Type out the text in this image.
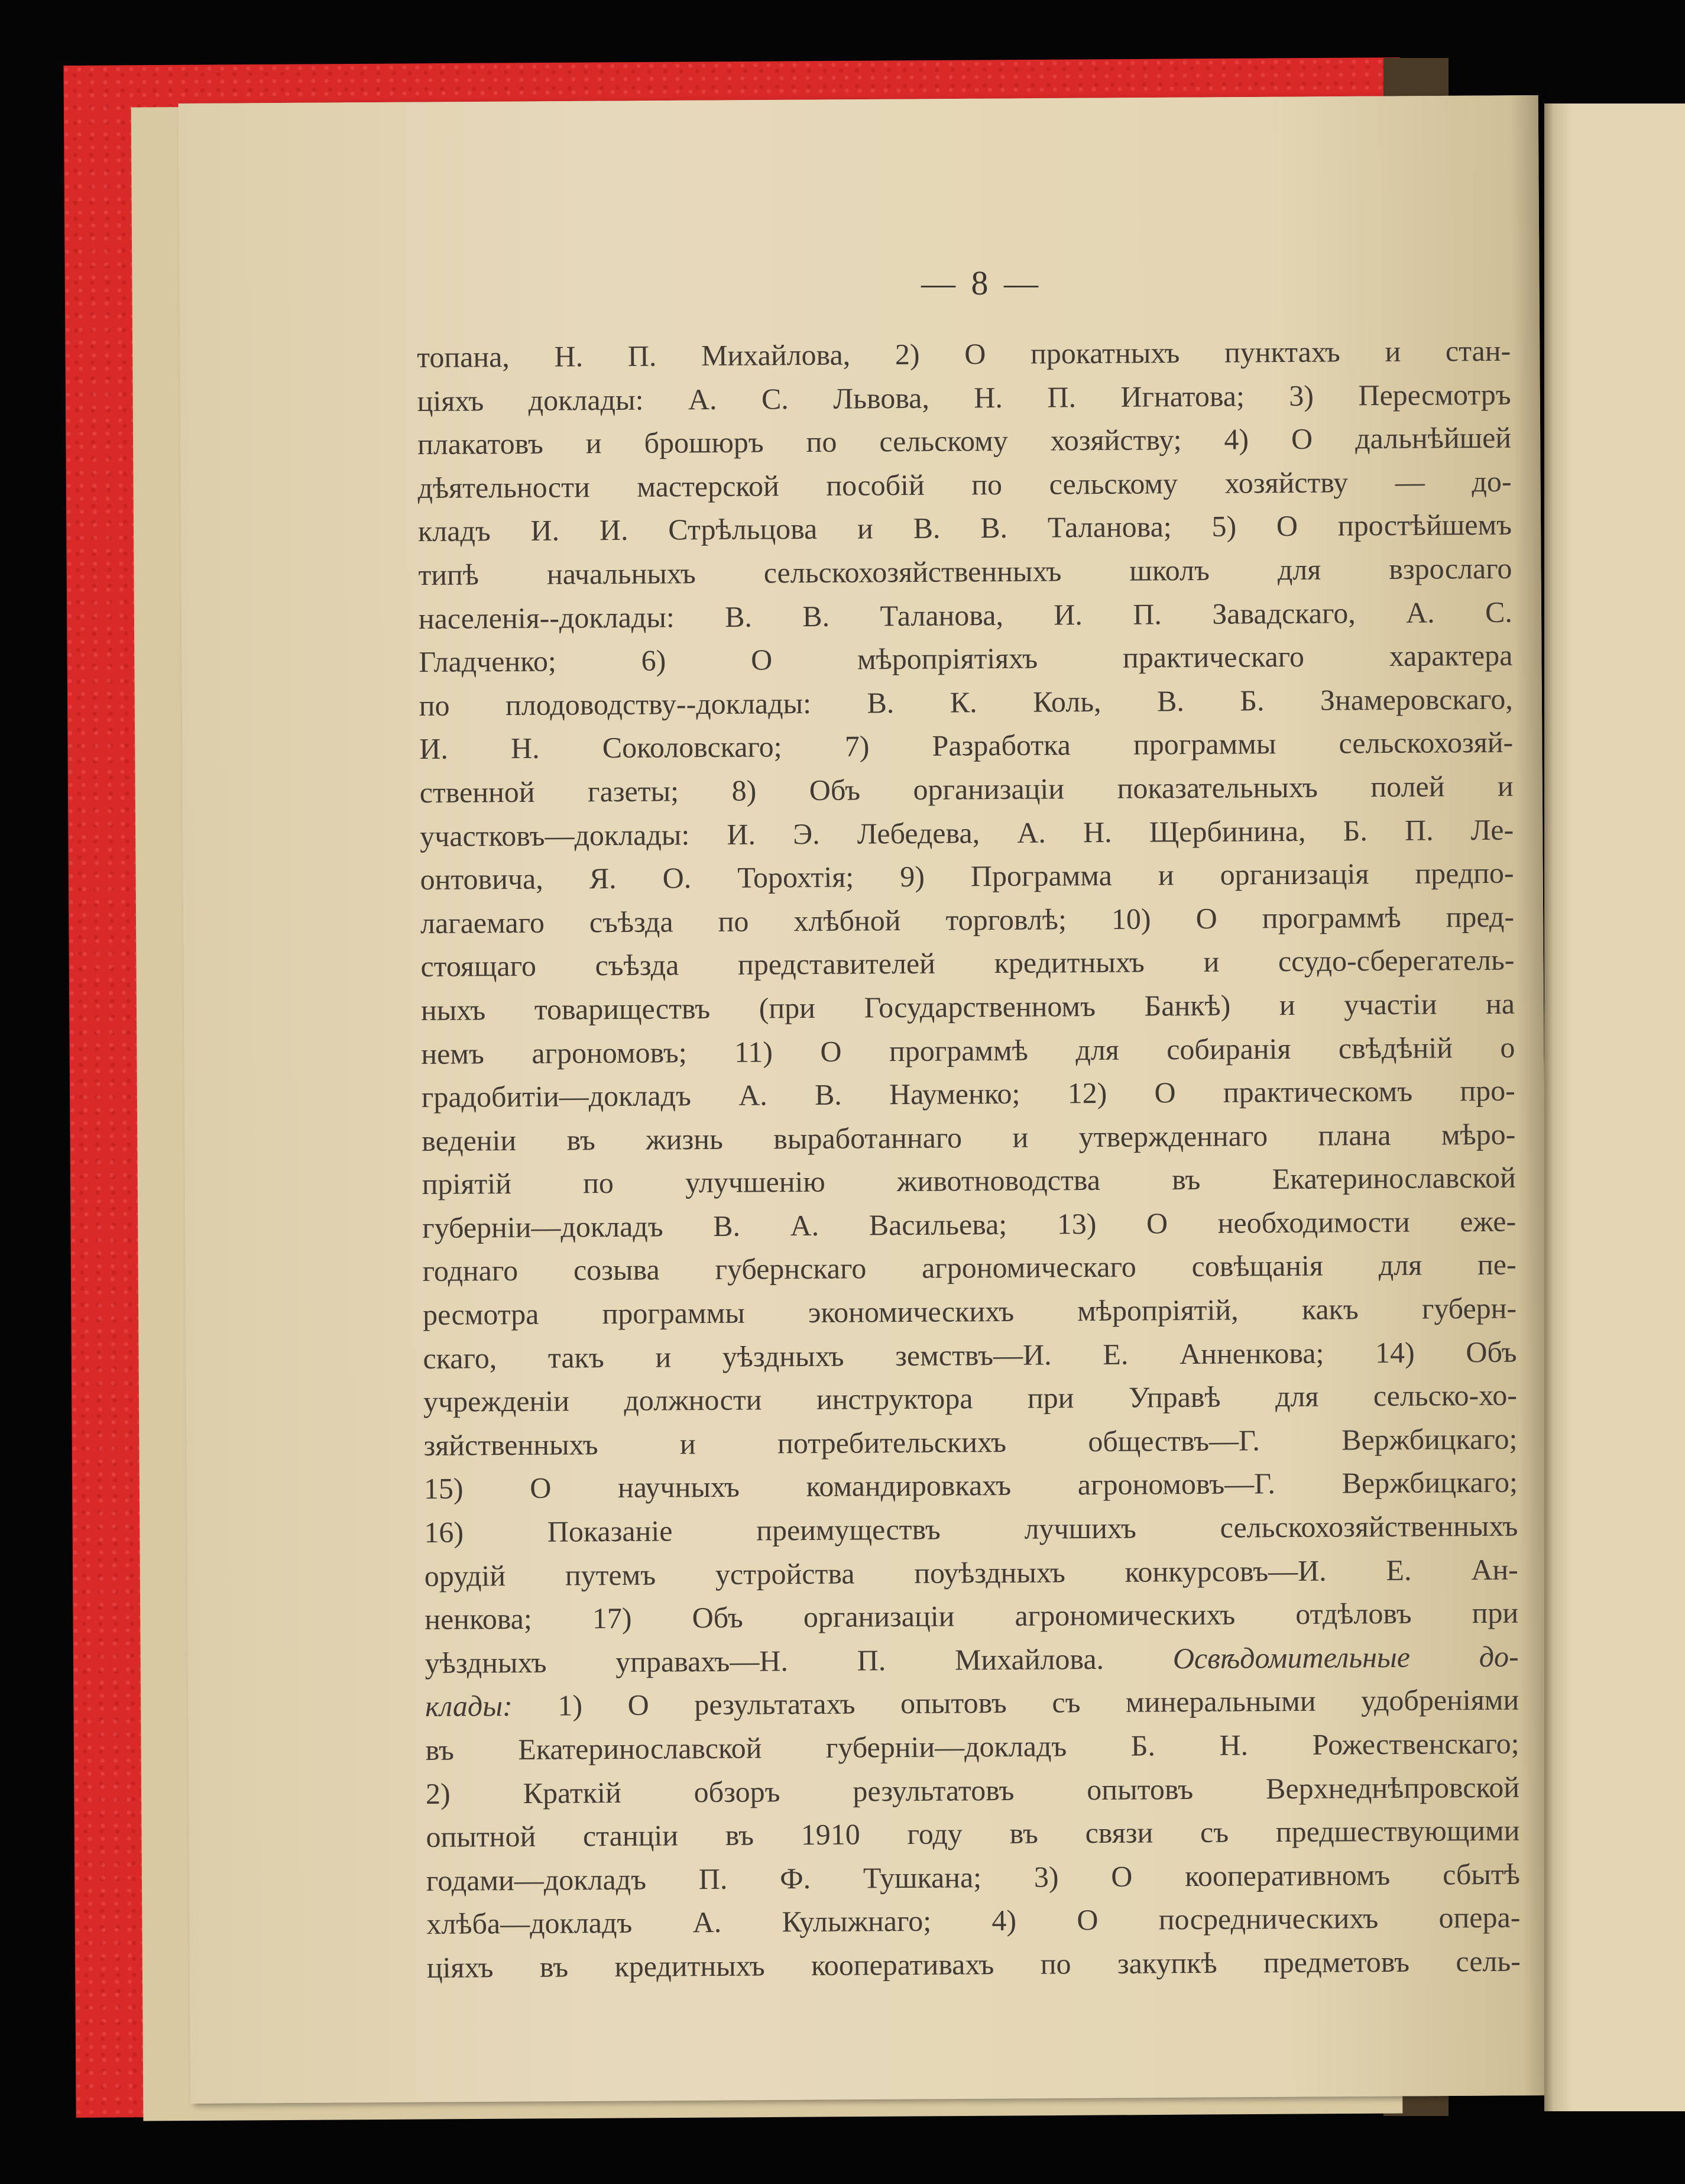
— 8 —
топана, Н. П. Михайлова, 2) О прокатныхъ пунктахъ и стан-
ціяхъ доклады: А. С. Львова, Н. П. Игнатова; 3) Пересмотръ
плакатовъ и брошюръ по сельскому хозяйству; 4) О дальнѣйшей
дѣятельности мастерской пособій по сельскому хозяйству — до-
кладъ И. И. Стрѣльцова и В. В. Таланова; 5) О простѣйшемъ
типѣ начальныхъ сельскохозяйственныхъ школъ для взрослаго
населенія--доклады: В. В. Таланова, И. П. Завадскаго, А. С.
Гладченко; 6) О мѣропріятіяхъ практическаго характера
по плодоводству--доклады: В. К. Коль, В. Б. Знамеровскаго,
И. Н. Соколовскаго; 7) Разработка программы сельскохозяй-
ственной газеты; 8) Объ организаціи показательныхъ полей и
участковъ—доклады: И. Э. Лебедева, А. Н. Щербинина, Б. П. Ле-
онтовича, Я. О. Торохтія; 9) Программа и организація предпо-
лагаемаго съѣзда по хлѣбной торговлѣ; 10) О программѣ пред-
стоящаго съѣзда представителей кредитныхъ и ссудо-сберегатель-
ныхъ товариществъ (при Государственномъ Банкѣ) и участіи на
немъ агрономовъ; 11) О программѣ для собиранія свѣдѣній о
градобитіи—докладъ А. В. Науменко; 12) О практическомъ про-
веденіи въ жизнь выработаннаго и утвержденнаго плана мѣро-
пріятій по улучшенію животноводства въ Екатеринославской
губерніи—докладъ В. А. Васильева; 13) О необходимости еже-
годнаго созыва губернскаго агрономическаго совѣщанія для пе-
ресмотра программы экономическихъ мѣропріятій, какъ губерн-
скаго, такъ и уѣздныхъ земствъ—И. Е. Анненкова; 14) Объ
учрежденіи должности инструктора при Управѣ для сельско-хо-
зяйственныхъ и потребительскихъ обществъ—Г. Вержбицкаго;
15) О научныхъ командировкахъ агрономовъ—Г. Вержбицкаго;
16) Показаніе преимуществъ лучшихъ сельскохозяйственныхъ
орудій путемъ устройства поуѣздныхъ конкурсовъ—И. Е. Ан-
ненкова; 17) Объ организаціи агрономическихъ отдѣловъ при
уѣздныхъ управахъ—Н. П. Михайлова. Освѣдомительные до-
клады: 1) О результатахъ опытовъ съ минеральными удобреніями
въ Екатеринославской губерніи—докладъ Б. Н. Рожественскаго;
2) Краткій обзоръ результатовъ опытовъ Верхнеднѣпровской
опытной станціи въ 1910 году въ связи съ предшествующими
годами—докладъ П. Ф. Тушкана; 3) О кооперативномъ сбытѣ
хлѣба—докладъ А. Кулыжнаго; 4) О посредническихъ опера-
ціяхъ въ кредитныхъ кооперативахъ по закупкѣ предметовъ сель-
